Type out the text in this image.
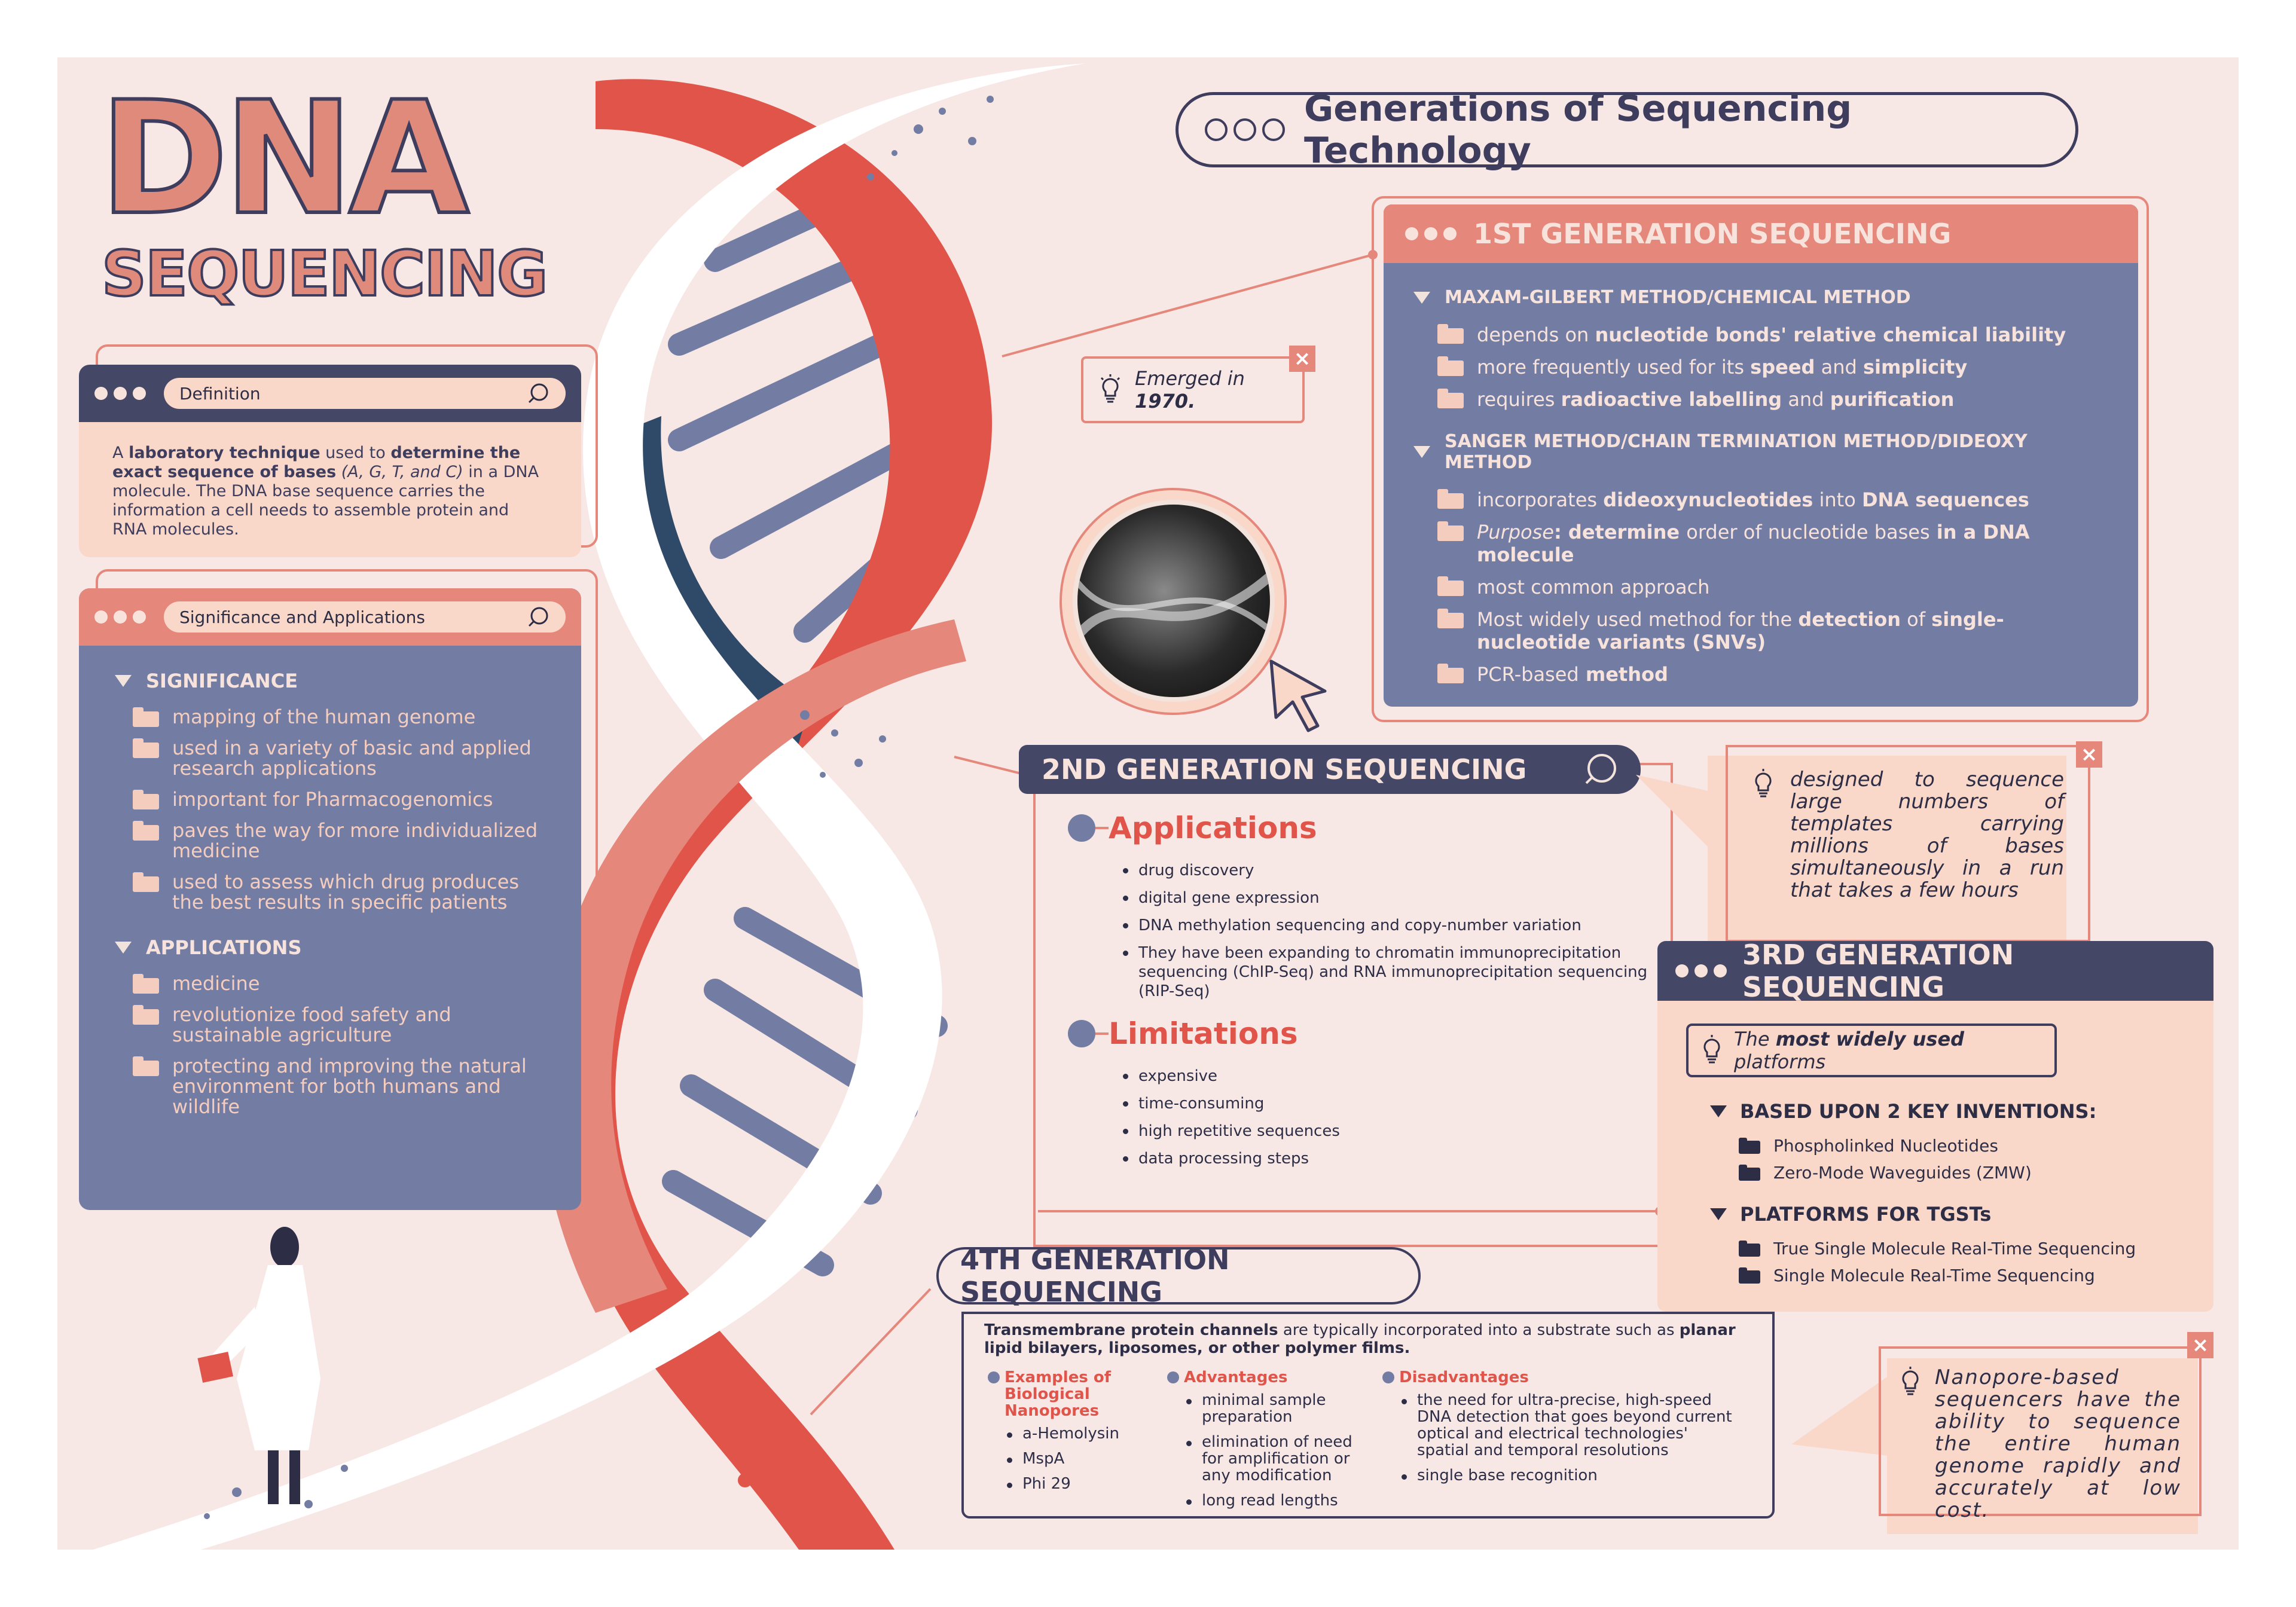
DNA
SEQUENCING
Generations of Sequencing Technology
Definition
A laboratory technique used to determine the exact sequence of bases (A, G, T, and C) in a DNA molecule. The DNA base sequence carries the information a cell needs to assemble protein and RNA molecules.
Significance and Applications
SIGNIFICANCE
mapping of the human genome
used in a variety of basic and applied research applications
important for Pharmacogenomics
paves the way for more individualized medicine
used to assess which drug produces the best results in specific patients
APPLICATIONS
medicine
revolutionize food safety and sustainable agriculture
protecting and improving the natural environment for both humans and wildlife
1ST GENERATION SEQUENCING
MAXAM-GILBERT METHOD/CHEMICAL METHOD
depends on nucleotide bonds' relative chemical liability
more frequently used for its speed and simplicity
requires radioactive labelling and purification
SANGER METHOD/CHAIN TERMINATION METHOD/DIDEOXY METHOD
incorporates dideoxynucleotides into DNA sequences
Purpose: determine order of nucleotide bases in a DNA molecule
most common approach
Most widely used method for the detection of single-nucleotide variants (SNVs)
PCR-based method
Emerged in 1970.
×
2ND GENERATION SEQUENCING
Applications
drug discovery
digital gene expression
DNA methylation sequencing and copy-number variation
They have been expanding to chromatin immunoprecipitation sequencing (ChIP-Seq) and RNA immunoprecipitation sequencing (RIP-Seq)
Limitations
expensive
time-consuming
high repetitive sequences
data processing steps
designed to sequence large numbers of templates carrying millions of bases simultaneously in a run that takes a few hours
×
3RD GENERATION SEQUENCING
The most widely used platforms
BASED UPON 2 KEY INVENTIONS:
Phospholinked Nucleotides
Zero-Mode Waveguides (ZMW)
PLATFORMS FOR TGSTs
True Single Molecule Real-Time Sequencing
Single Molecule Real-Time Sequencing
4TH GENERATION SEQUENCING
Transmembrane protein channels are typically incorporated into a substrate such as planar lipid bilayers, liposomes, or other polymer films.
Examples of Biological Nanopores
a-Hemolysin
MspA
Phi 29
Advantages
minimal sample preparation
elimination of need for amplification or any modification
long read lengths
Disadvantages
the need for ultra-precise, high-speed DNA detection that goes beyond current optical and electrical technologies' spatial and temporal resolutions
single base recognition
Nanopore-based sequencers have the ability to sequence the entire human genome rapidly and accurately at low cost.
×
